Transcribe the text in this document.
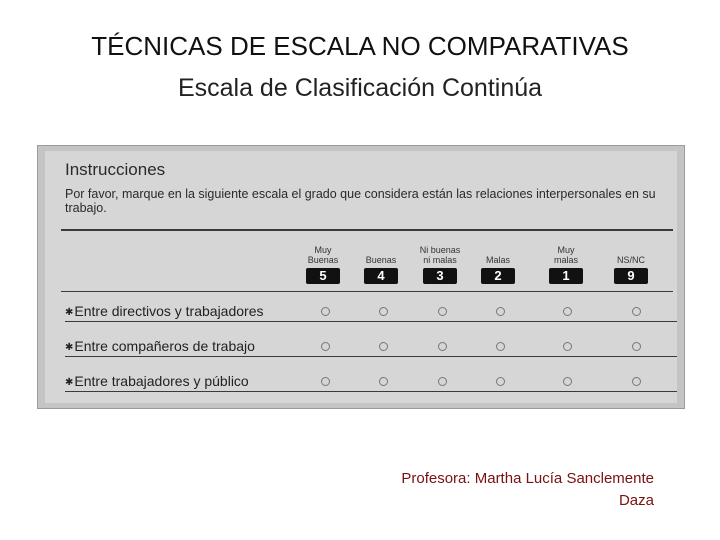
TÉCNICAS DE ESCALA NO COMPARATIVAS
Escala de Clasificación Continúa
Instrucciones
Por favor, marque en la siguiente escala el grado que considera están las relaciones interpersonales en su trabajo.
Muy Buenas
5
Buenas
4
Ni buenas ni malas
3
Malas
2
Muy malas
1
NS/NC
9
✱Entre directivos y trabajadores
✱Entre compañeros de trabajo
✱Entre trabajadores y público
Profesora: Martha Lucía Sanclemente
Daza
